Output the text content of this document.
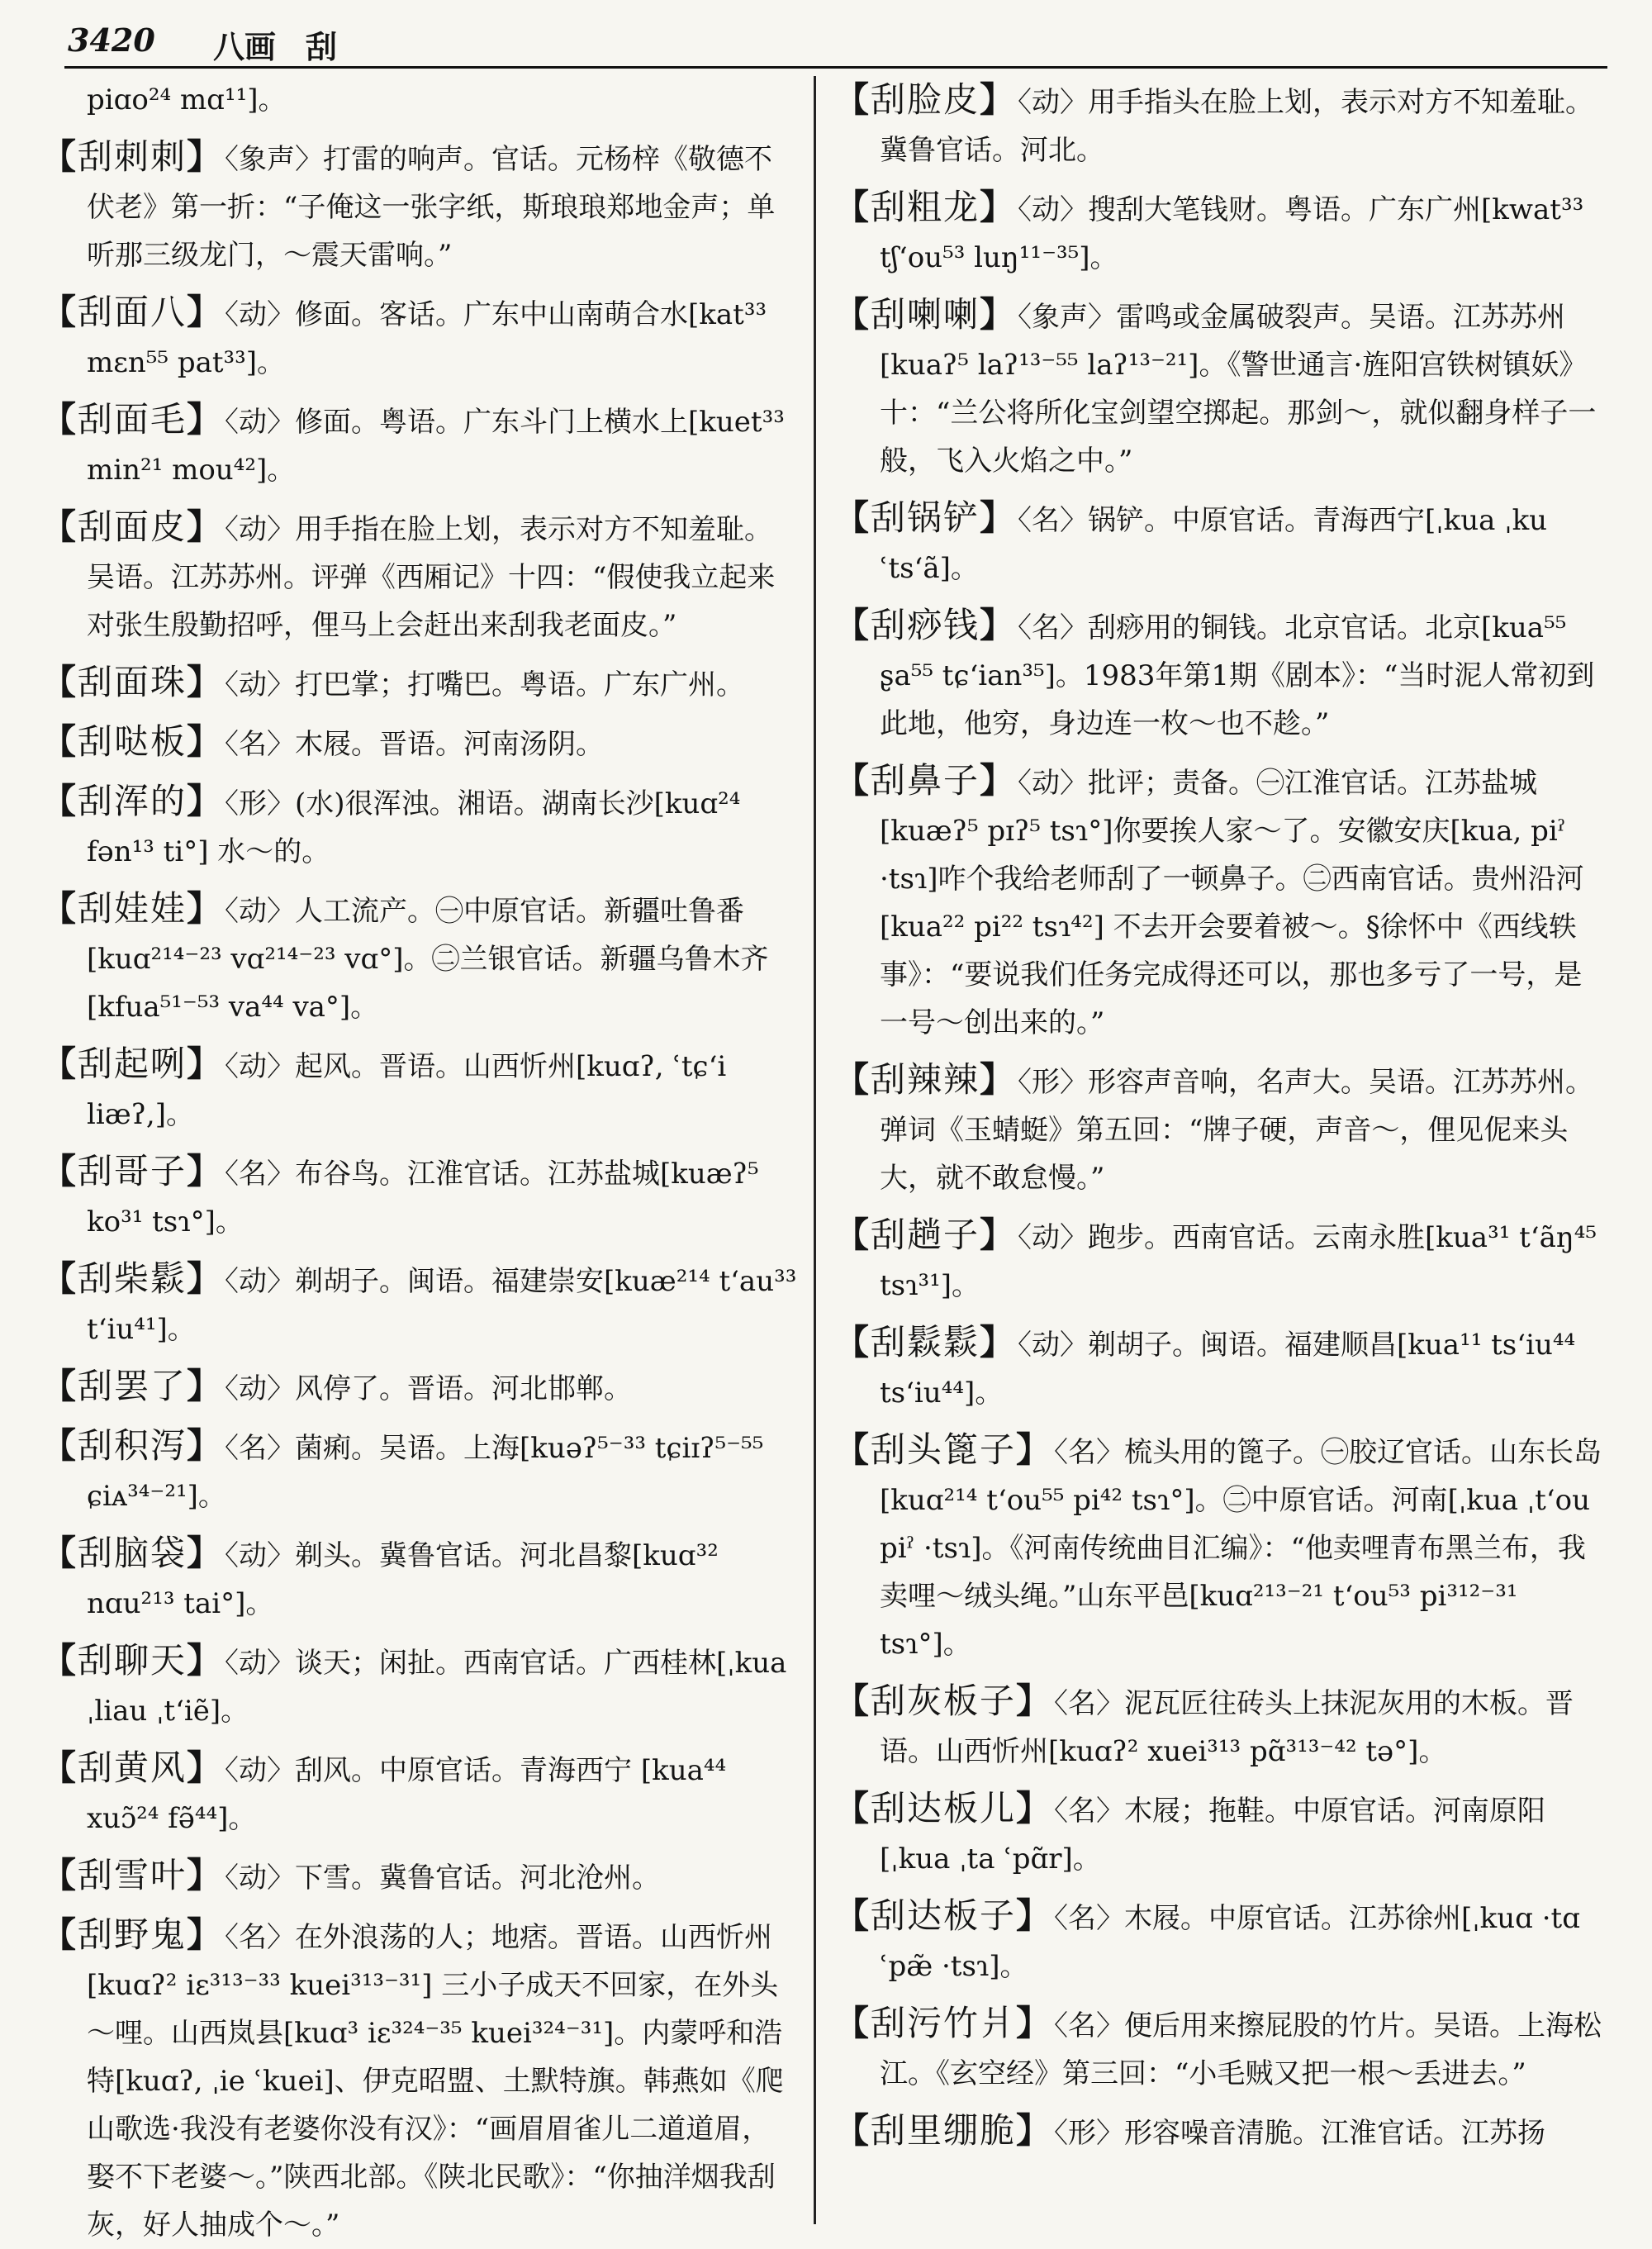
3420 八画 刮
piɑo²⁴ mɑ¹¹]。
【刮刺刺】〈象声〉打雷的响声。官话。元杨梓《敬德不伏老》第一折：“子俺这一张字纸，斯琅琅郑地金声；单听那三级龙门，～震天雷响。”
【刮面八】〈动〉修面。客话。广东中山南萌合水[kat³³ mɛn⁵⁵ pat³³]。
【刮面毛】〈动〉修面。粤语。广东斗门上横水上[kuet³³ min²¹ mou⁴²]。
【刮面皮】〈动〉用手指在脸上划，表示对方不知羞耻。吴语。江苏苏州。评弹《西厢记》十四：“假使我立起来对张生殷勤招呼，俚马上会赶出来刮我老面皮。”
【刮面珠】〈动〉打巴掌；打嘴巴。粤语。广东广州。
【刮哒板】〈名〉木屐。晋语。河南汤阴。
【刮浑的】〈形〉(水)很浑浊。湘语。湖南长沙[kuɑ²⁴ fən¹³ ti°] 水～的。
【刮娃娃】〈动〉人工流产。㊀中原官话。新疆吐鲁番[kuɑ²¹⁴⁻²³ vɑ²¹⁴⁻²³ vɑ°]。㊁兰银官话。新疆乌鲁木齐[kfua⁵¹⁻⁵³ va⁴⁴ va°]。
【刮起咧】〈动〉起风。晋语。山西忻州[kuɑʔ, ʿtɕʻi liæʔ,]。
【刮哥子】〈名〉布谷鸟。江淮官话。江苏盐城[kuæʔ⁵ ko³¹ tsɿ°]。
【刮柴鬏】〈动〉剃胡子。闽语。福建崇安[kuæ²¹⁴ tʻau³³ tʻiu⁴¹]。
【刮罢了】〈动〉风停了。晋语。河北邯郸。
【刮积泻】〈名〉菌痢。吴语。上海[kuəʔ⁵⁻³³ tɕiɪʔ⁵⁻⁵⁵ ɕiᴀ³⁴⁻²¹]。
【刮脑袋】〈动〉剃头。冀鲁官话。河北昌黎[kuɑ³² nɑu²¹³ tai°]。
【刮聊天】〈动〉谈天；闲扯。西南官话。广西桂林[ˌkua ˌliau ˌtʻiẽ]。
【刮黄风】〈动〉刮风。中原官话。青海西宁 [kua⁴⁴ xuɔ̃²⁴ fə̃⁴⁴]。
【刮雪叶】〈动〉下雪。冀鲁官话。河北沧州。
【刮野鬼】〈名〉在外浪荡的人；地痞。晋语。山西忻州[kuɑʔ² iɛ³¹³⁻³³ kuei³¹³⁻³¹] 三小子成天不回家，在外头～哩。山西岚县[kuɑ³ iɛ³²⁴⁻³⁵ kuei³²⁴⁻³¹]。内蒙呼和浩特[kuɑʔ, ˌie ʿkuei]、伊克昭盟、土默特旗。韩燕如《爬山歌选·我没有老婆你没有汉》：“画眉眉雀儿二道道眉，娶不下老婆～。”陕西北部。《陕北民歌》：“你抽洋烟我刮灰，好人抽成个～。”
【刮脸皮】〈动〉用手指头在脸上划，表示对方不知羞耻。冀鲁官话。河北。
【刮粗龙】〈动〉搜刮大笔钱财。粤语。广东广州[kwat³³ tʃʻou⁵³ luŋ¹¹⁻³⁵]。
【刮喇喇】〈象声〉雷鸣或金属破裂声。吴语。江苏苏州[kuaʔ⁵ laʔ¹³⁻⁵⁵ laʔ¹³⁻²¹]。《警世通言·旌阳宫铁树镇妖》十：“兰公将所化宝剑望空掷起。那剑～，就似翻身样子一般，飞入火焰之中。”
【刮锅铲】〈名〉锅铲。中原官话。青海西宁[ˌkua ˌku ʿtsʻã]。
【刮痧钱】〈名〉刮痧用的铜钱。北京官话。北京[kua⁵⁵ ʂa⁵⁵ tɕʻian³⁵]。1983年第1期《剧本》：“当时泥人常初到此地，他穷，身边连一枚～也不趁。”
【刮鼻子】〈动〉批评；责备。㊀江淮官话。江苏盐城[kuæʔ⁵ pɪʔ⁵ tsɿ°]你要挨人家～了。安徽安庆[kua, piˀ ·tsɿ]咋个我给老师刮了一顿鼻子。㊁西南官话。贵州沿河[kua²² pi²² tsɿ⁴²] 不去开会要着被～。§徐怀中《西线轶事》：“要说我们任务完成得还可以，那也多亏了一号，是一号～创出来的。”
【刮辣辣】〈形〉形容声音响，名声大。吴语。江苏苏州。弹词《玉蜻蜓》第五回：“牌子硬，声音～，俚见伲来头大，就不敢怠慢。”
【刮趟子】〈动〉跑步。西南官话。云南永胜[kua³¹ tʻãŋ⁴⁵ tsɿ³¹]。
【刮鬏鬏】〈动〉剃胡子。闽语。福建顺昌[kua¹¹ tsʻiu⁴⁴ tsʻiu⁴⁴]。
【刮头篦子】〈名〉梳头用的篦子。㊀胶辽官话。山东长岛[kuɑ²¹⁴ tʻou⁵⁵ pi⁴² tsɿ°]。㊁中原官话。河南[ˌkua ˌtʻou piˀ ·tsɿ]。《河南传统曲目汇编》：“他卖哩青布黑兰布，我卖哩～绒头绳。”山东平邑[kuɑ²¹³⁻²¹ tʻou⁵³ pi³¹²⁻³¹ tsɿ°]。
【刮灰板子】〈名〉泥瓦匠往砖头上抹泥灰用的木板。晋语。山西忻州[kuɑʔ² xuei³¹³ pɑ̃³¹³⁻⁴² tə°]。
【刮达板儿】〈名〉木屐；拖鞋。中原官话。河南原阳[ˌkua ˌta ʿpɑ̃r]。
【刮达板子】〈名〉木屐。中原官话。江苏徐州[ˌkuɑ ·tɑ ʿpæ̃ ·tsɿ]。
【刮污竹爿】〈名〉便后用来擦屁股的竹片。吴语。上海松江。《玄空经》第三回：“小毛贼又把一根～丢进去。”
【刮里绷脆】〈形〉形容噪音清脆。江淮官话。江苏扬
